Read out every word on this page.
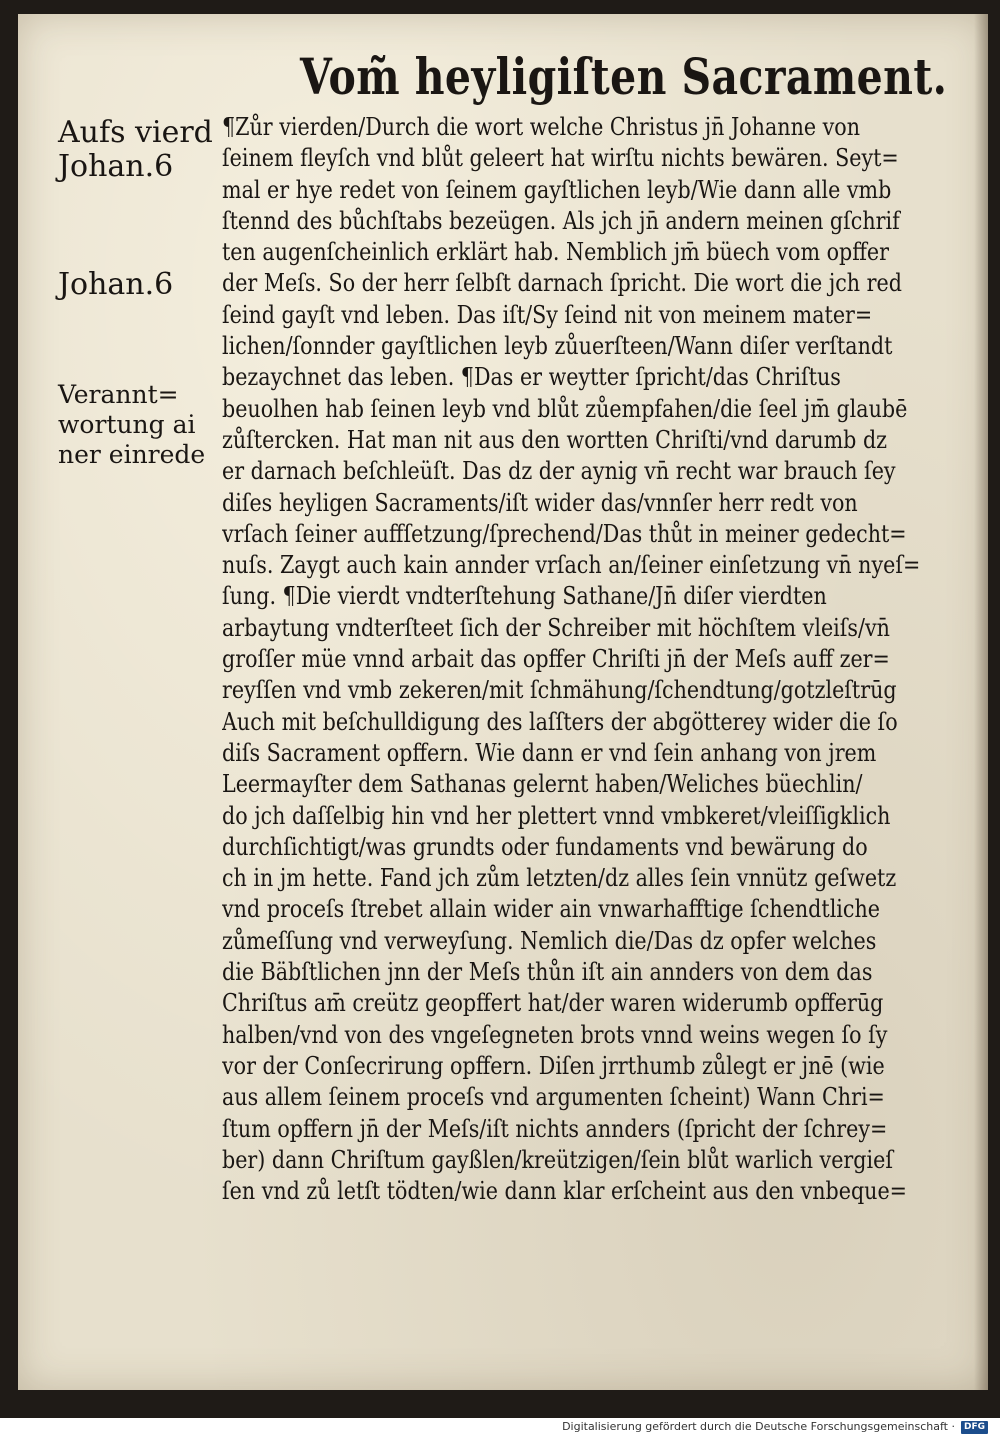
Vom̃ heyligiſten Sacrament.
Aufs vierd
Johan.6
Johan.6
Verannt=
wortung ai
ner einrede
¶Zůr vierden/Durch die wort welche Christus jn̄ Johanne von
ſeinem fleyſch vnd blůt geleert hat wirſtu nichts bewären. Seyt=
mal er hye redet von ſeinem gayſtlichen leyb/Wie dann alle vmb
ſtennd des bůchſtabs bezeügen. Als jch jn̄ andern meinen gſchrif
ten augenſcheinlich erklärt hab. Nemblich jm̄ büech vom opffer
der Meſs. So der herr ſelbſt darnach ſpricht. Die wort die jch red
ſeind gayſt vnd leben. Das iſt/Sy ſeind nit von meinem mater=
lichen/ſonnder gayſtlichen leyb zůuerſteen/Wann diſer verſtandt
bezaychnet das leben. ¶Das er weytter ſpricht/das Chriſtus
beuolhen hab ſeinen leyb vnd blůt zůempfahen/die ſeel jm̄ glaubē
zůſtercken. Hat man nit aus den wortten Chriſti/vnd darumb dz
er darnach beſchleüſt. Das dz der aynig vn̄ recht war brauch ſey
diſes heyligen Sacraments/iſt wider das/vnnſer herr redt von
vrſach ſeiner auffſetzung/ſprechend/Das thůt in meiner gedecht=
nuſs. Zaygt auch kain annder vrſach an/ſeiner einſetzung vn̄ nyeſ=
ſung. ¶Die vierdt vndterſtehung Sathane/Jn̄ diſer vierdten
arbaytung vndterſteet ſich der Schreiber mit höchſtem vleiſs/vn̄
groſſer müe vnnd arbait das opffer Chriſti jn̄ der Meſs auff zer=
reyſſen vnd vmb zekeren/mit ſchmähung/ſchendtung/gotzleſtrūg
Auch mit beſchulldigung des laſſters der abgötterey wider die ſo
diſs Sacrament opffern. Wie dann er vnd ſein anhang von jrem
Leermayſter dem Sathanas gelernt haben/Weliches büechlin/
do jch daſſelbig hin vnd her plettert vnnd vmbkeret/vleiſſigklich
durchſichtigt/was grundts oder fundaments vnd bewärung do
ch in jm hette. Fand jch zům letzten/dz alles ſein vnnütz geſwetz
vnd proceſs ſtrebet allain wider ain vnwarhafftige ſchendtliche
zůmeſſung vnd verweyſung. Nemlich die/Das dz opfer welches
die Bäbſtlichen jnn der Meſs thůn iſt ain annders von dem das
Chriſtus am̄ creütz geopffert hat/der waren widerumb opfferūg
halben/vnd von des vngeſegneten brots vnnd weins wegen ſo ſy
vor der Conſecrirung opffern. Diſen jrrthumb zůlegt er jnē (wie
aus allem ſeinem proceſs vnd argumenten ſcheint) Wann Chri=
ſtum opffern jn̄ der Meſs/iſt nichts annders (ſpricht der ſchrey=
ber) dann Chriſtum gayßlen/kreützigen/ſein blůt warlich vergieſ
ſen vnd zů letſt tödten/wie dann klar erſcheint aus den vnbeque=
Digitalisierung gefördert durch die Deutsche Forschungsgemeinschaft ·	DFG
